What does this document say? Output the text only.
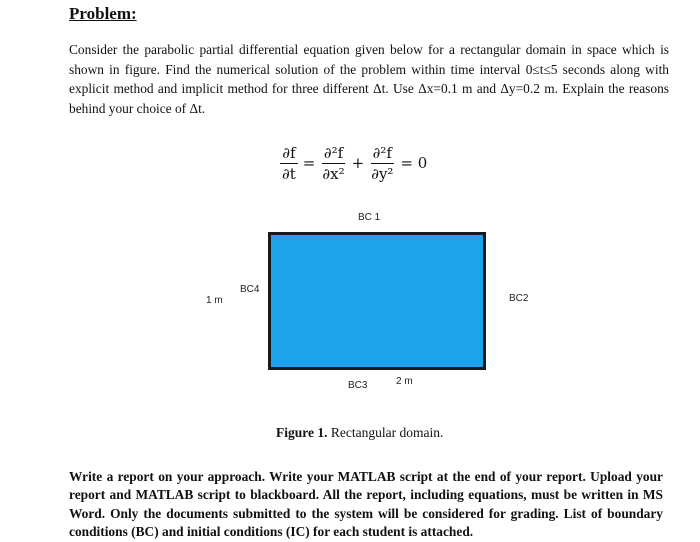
Problem:
Consider the parabolic partial differential equation given below for a rectangular domain in space which is shown in figure. Find the numerical solution of the problem within time interval 0≤t≤5 seconds along with explicit method and implicit method for three different Δt. Use Δx=0.1 m and Δy=0.2 m. Explain the reasons behind your choice of Δt.
$\frac{\partial f}{\partial t} = \frac{\text{∂²f}}{\text{∂x²}} + \frac{\text{∂²f}}{\text{∂y²}} = 0$
BC 1
BC2
BC3
BC4
1 m
2 m
Figure 1. Rectangular domain.
Write a report on your approach. Write your MATLAB script at the end of your report. Upload your report and MATLAB script to blackboard. All the report, including equations, must be written in MS Word. Only the documents submitted to the system will be considered for grading. List of boundary conditions (BC) and initial conditions (IC) for each student is attached.
